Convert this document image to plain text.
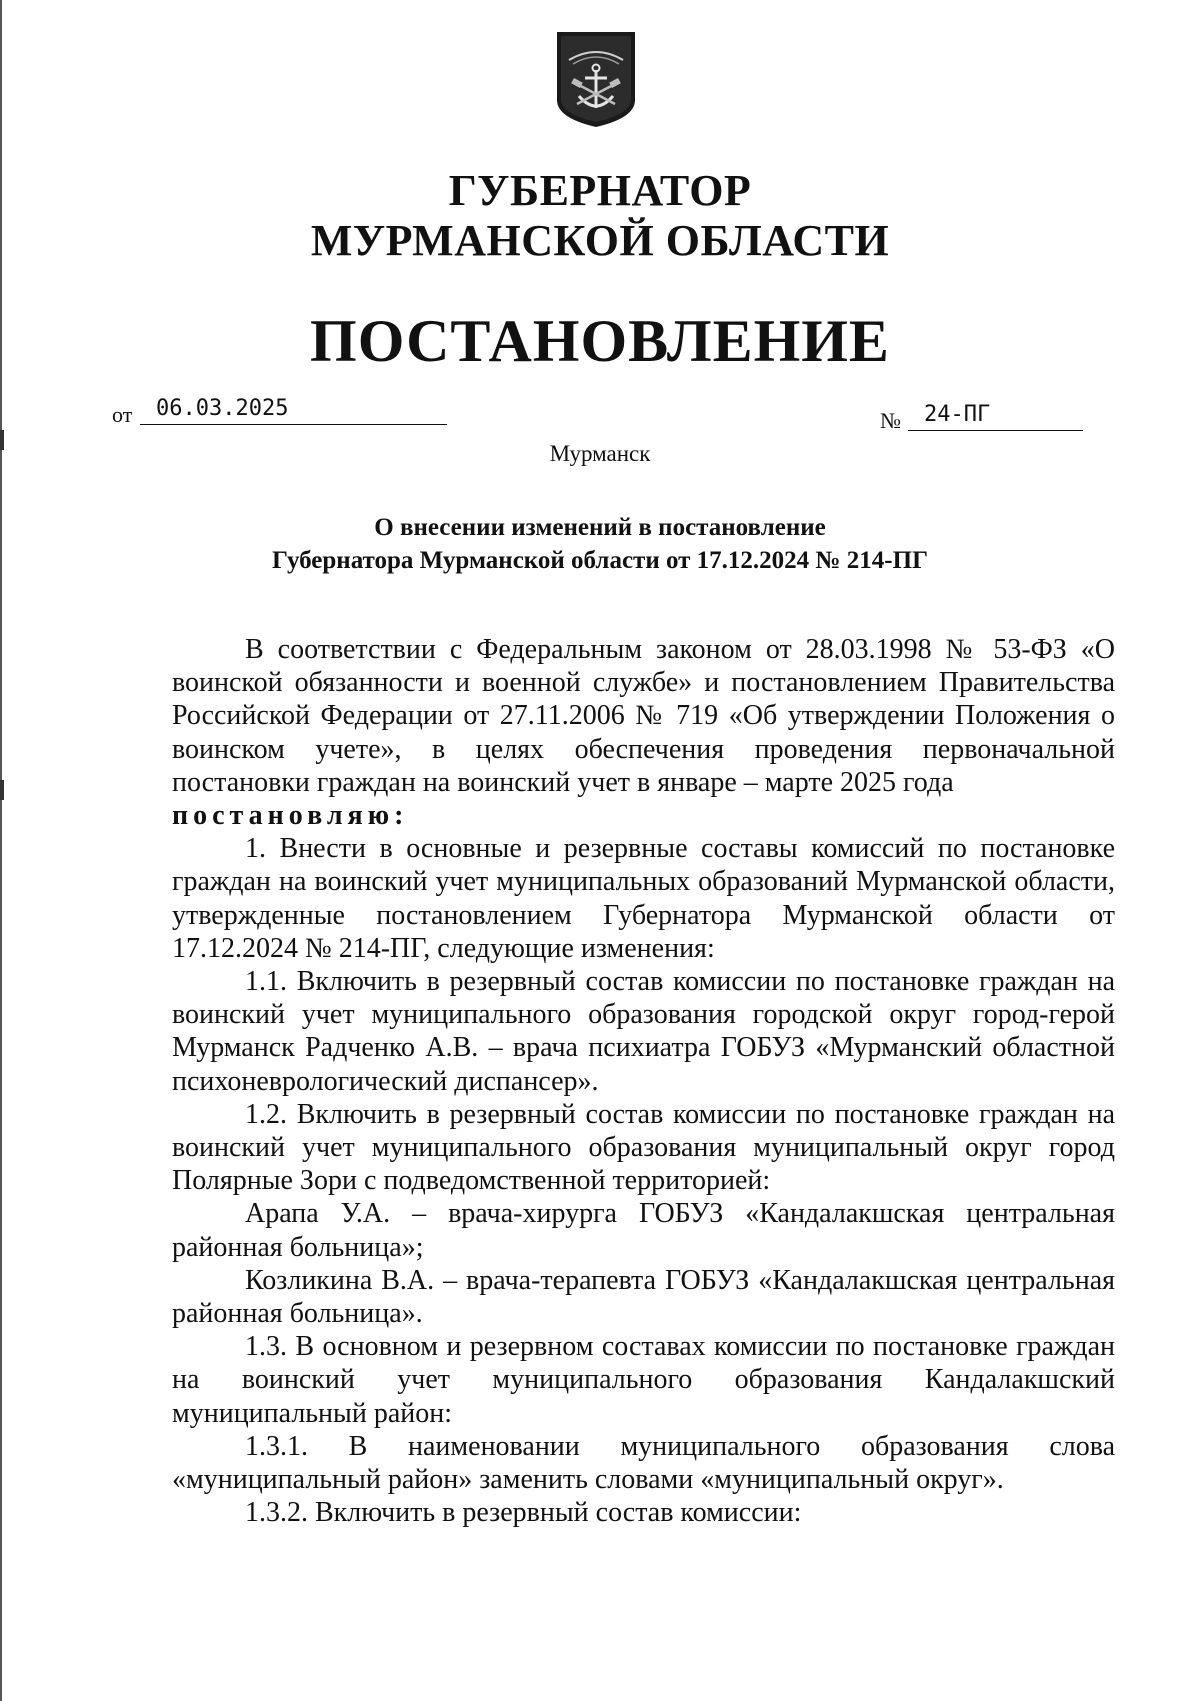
ГУБЕРНАТОР
МУРМАНСКОЙ ОБЛАСТИ
ПОСТАНОВЛЕНИЕ
от	06.03.2025	№	24-ПГ
Мурманск
О внесении изменений в постановление
Губернатора Мурманской области от 17.12.2024 № 214-ПГ

В соответствии с Федеральным законом от 28.03.1998 № 53-ФЗ «О воинской обязанности и военной службе» и постановлением Правительства Российской Федерации от 27.11.2006 № 719 «Об утверждении Положения о воинском учете», в целях обеспечения проведения первоначальной постановки граждан на воинский учет в январе – марте 2025 года

постановляю:

1. Внести в основные и резервные составы комиссий по постановке граждан на воинский учет муниципальных образований Мурманской области, утвержденные постановлением Губернатора Мурманской области от 17.12.2024 № 214-ПГ, следующие изменения:

1.1. Включить в резервный состав комиссии по постановке граждан на воинский учет муниципального образования городской округ город-герой Мурманск Радченко А.В. – врача психиатра ГОБУЗ «Мурманский областной психоневрологический диспансер».

1.2. Включить в резервный состав комиссии по постановке граждан на воинский учет муниципального образования муниципальный округ город Полярные Зори с подведомственной территорией:

Арапа У.А. – врача-хирурга ГОБУЗ «Кандалакшская центральная районная больница»;

Козликина В.А. – врача-терапевта ГОБУЗ «Кандалакшская центральная районная больница».

1.3. В основном и резервном составах комиссии по постановке граждан на воинский учет муниципального образования Кандалакшский муниципальный район:

1.3.1. В наименовании муниципального образования слова «муниципальный район» заменить словами «муниципальный округ».

1.3.2. Включить в резервный состав комиссии:
